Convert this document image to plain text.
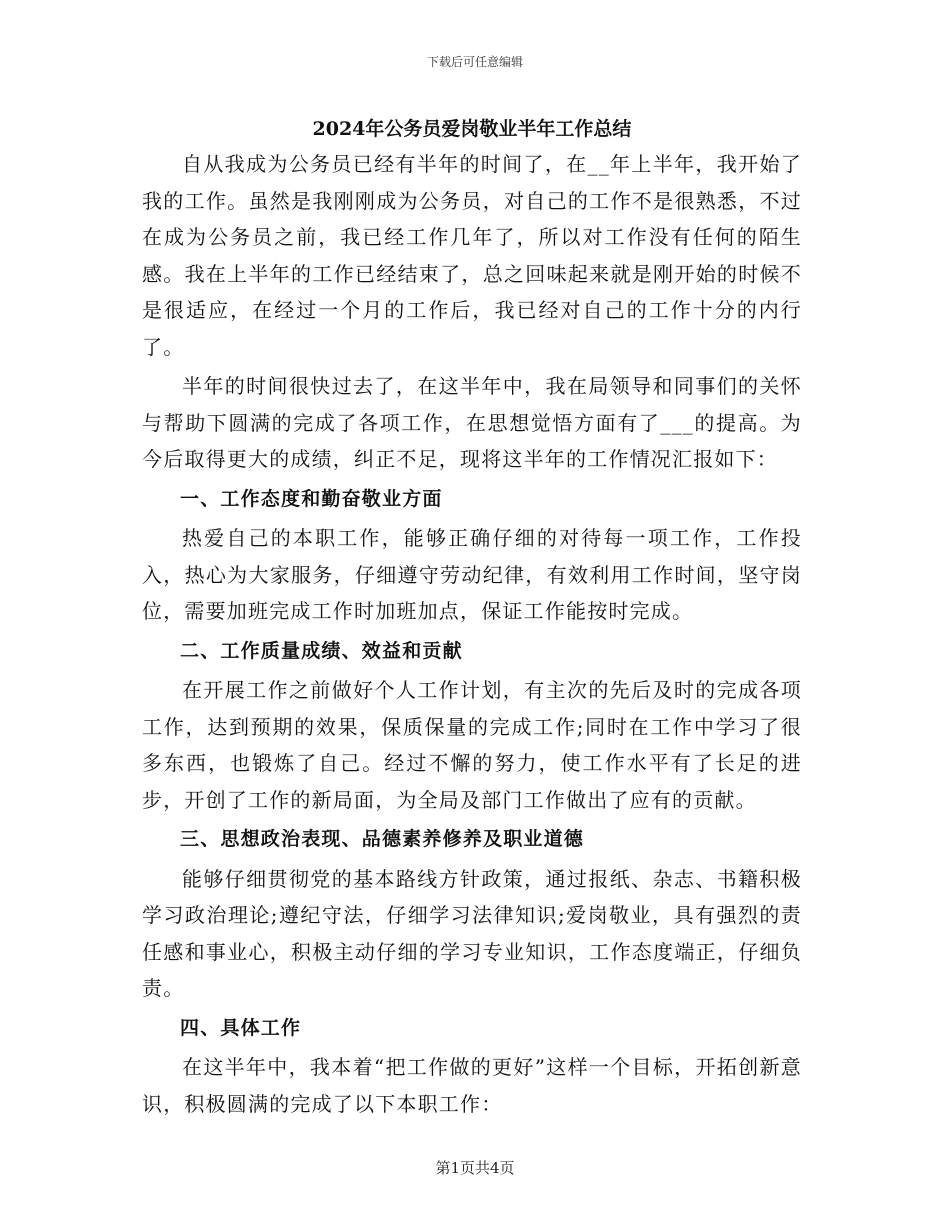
下载后可任意编辑
2024年公务员爱岗敬业半年工作总结

自从我成为公务员已经有半年的时间了，在__年上半年，我开始了我的工作。虽然是我刚刚成为公务员，对自己的工作不是很熟悉，不过在成为公务员之前，我已经工作几年了，所以对工作没有任何的陌生感。我在上半年的工作已经结束了，总之回味起来就是刚开始的时候不是很适应，在经过一个月的工作后，我已经对自己的工作十分的内行了。

半年的时间很快过去了，在这半年中，我在局领导和同事们的关怀与帮助下圆满的完成了各项工作，在思想觉悟方面有了___的提高。为今后取得更大的成绩，纠正不足，现将这半年的工作情况汇报如下：

一、工作态度和勤奋敬业方面

热爱自己的本职工作，能够正确仔细的对待每一项工作，工作投入，热心为大家服务，仔细遵守劳动纪律，有效利用工作时间，坚守岗位，需要加班完成工作时加班加点，保证工作能按时完成。

二、工作质量成绩、效益和贡献

在开展工作之前做好个人工作计划，有主次的先后及时的完成各项工作，达到预期的效果，保质保量的完成工作;同时在工作中学习了很多东西，也锻炼了自己。经过不懈的努力，使工作水平有了长足的进步，开创了工作的新局面，为全局及部门工作做出了应有的贡献。

三、思想政治表现、品德素养修养及职业道德

能够仔细贯彻党的基本路线方针政策，通过报纸、杂志、书籍积极学习政治理论;遵纪守法，仔细学习法律知识;爱岗敬业，具有强烈的责任感和事业心，积极主动仔细的学习专业知识，工作态度端正，仔细负责。

四、具体工作

在这半年中，我本着“把工作做的更好”这样一个目标，开拓创新意识，积极圆满的完成了以下本职工作：

第1页共4页
